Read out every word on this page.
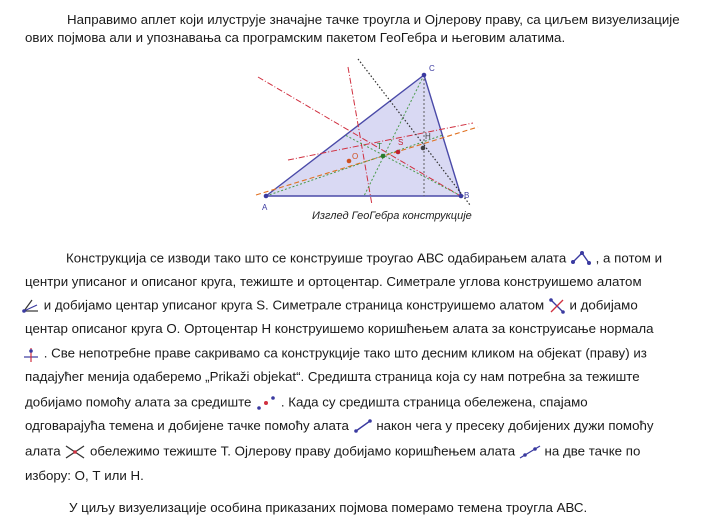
Направимо аплет који илуструје значајне тачке троугла и Ојлерову праву, са циљем визуелизације
ових појмова али и упознавања са програмским пакетом ГеоГебра и његовим алатима.
A
B
C
O
T S
H
Изглед ГеоГебра конструкције
Конструкција се изводи тако што се конструише троугао АВС одабирањем алата , а потом и
центри уписаног и описаног круга, тежиште и ортоцентар. Симетрале углова конструишемо алатом
и добијамо центар уписаног круга S. Симетрале страница конструишемо алатом и добијамо
центар описаног круга О. Ортоцентар Н конструишемо коришћењем алата за конструисање нормала
. Све непотребне праве сакривамо са конструкције тако што десним кликом на објекат (праву) из
падајућег менија одаберемо „Prikaži objekat“. Средишта страница која су нам потребна за тежиште
добијамо помоћу алата за средиште . Када су средишта страница обележена, спајамо
одговарајућа темена и добијене тачке помоћу алата након чега у пресеку добијених дужи помоћу
алата обележимо тежиште Т. Ојлерову праву добијамо коришћењем алата на две тачке по
избору: О, Т или Н.
У циљу визуелизације особина приказаних појмова померамо темена троугла АВС.
